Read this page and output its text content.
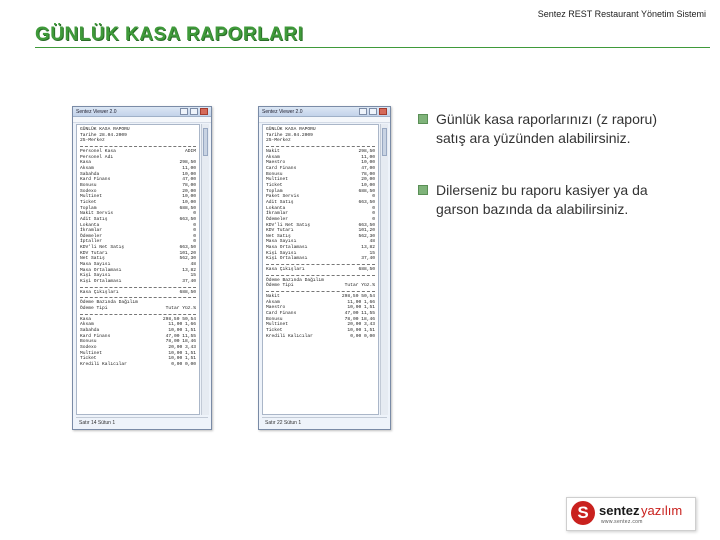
Sentez REST Restaurant Yönetim Sistemi
GÜNLÜK KASA RAPORLARI
Sentez Viewer 2.0
GÜNLÜK KASA RAPORU
Tarihe 28.04.2009
25-Merkez
Personel Kasa	ADIM
Personel Adı
Kasa	298,50
Aksam	11,00
Sabahda	10,00
Kard Finans	47,00
Bonusu	78,00
Sodexo	20,00
Multinet	10,00
Ticket	10,00
Toplam	688,50
Nakit Servis	0
Adit Satış	663,50
Lokanta	0
İkramlar	0
Ödemeler	0
İptaller	0
KDV'li Net Satış	663,50
KDV Tutarı	101,20
Net Satış	562,30
Masa Sayısı	48
Masa Ortalaması	13,82
Kişi Sayısı	15
Kişi Ortalaması	37,40
Kasa Çıkışları	688,50
Ödeme Bazında Dağılım
Ödeme Tipi	Tutar Yüz.%
Kasa	298,50 50,54
Aksam	11,00 1,66
Sabahda	10,00 1,51
Kard Finans	47,00 11,55
Bonusu	78,00 18,46
Sodexo	20,00 3,43
Multinet	10,00 1,51
Ticket	10,00 1,51
Kredili Kalıcılar	0,00 0,00
Satır 14 Sütun 1
Sentez Viewer 2.0
GÜNLÜK KASA RAPORU
Tarihe 28.04.2009
25-Merkez
Nakit	298,50
Aksam	11,00
Maestro	10,00
Card Finans	47,00
Bonusu	78,00
Multinet	20,00
Ticket	10,00
Toplam	688,50
Paket Servis	0
Adit Satış	663,50
Lokanta	0
İkramlar	0
Ödemeler	0
KDV'li Net Satış	663,50
KDV Tutarı	101,20
Net Satış	562,30
Masa Sayısı	48
Masa Ortalaması	13,82
Kişi Sayısı	15
Kişi Ortalaması	37,40
Kasa Çıkışları	688,50
Ödeme Bazında Dağılım
Ödeme Tipi	Tutar Yüz.%
Nakit	298,50 50,54
Aksam	11,00 1,66
Maestro	10,00 1,51
Card Finans	47,00 11,55
Bonusu	78,00 18,46
Multinet	20,00 3,43
Ticket	10,00 1,51
Kredili Kalıcılar	0,00 0,00
Satır 22 Sütun 1
Günlük kasa raporlarınızı (z raporu) satış ara yüzünden alabilirsiniz.
Dilerseniz bu raporu kasiyer ya da garson bazında da alabilirsiniz.
S sentez yazılım
www.sentez.com
